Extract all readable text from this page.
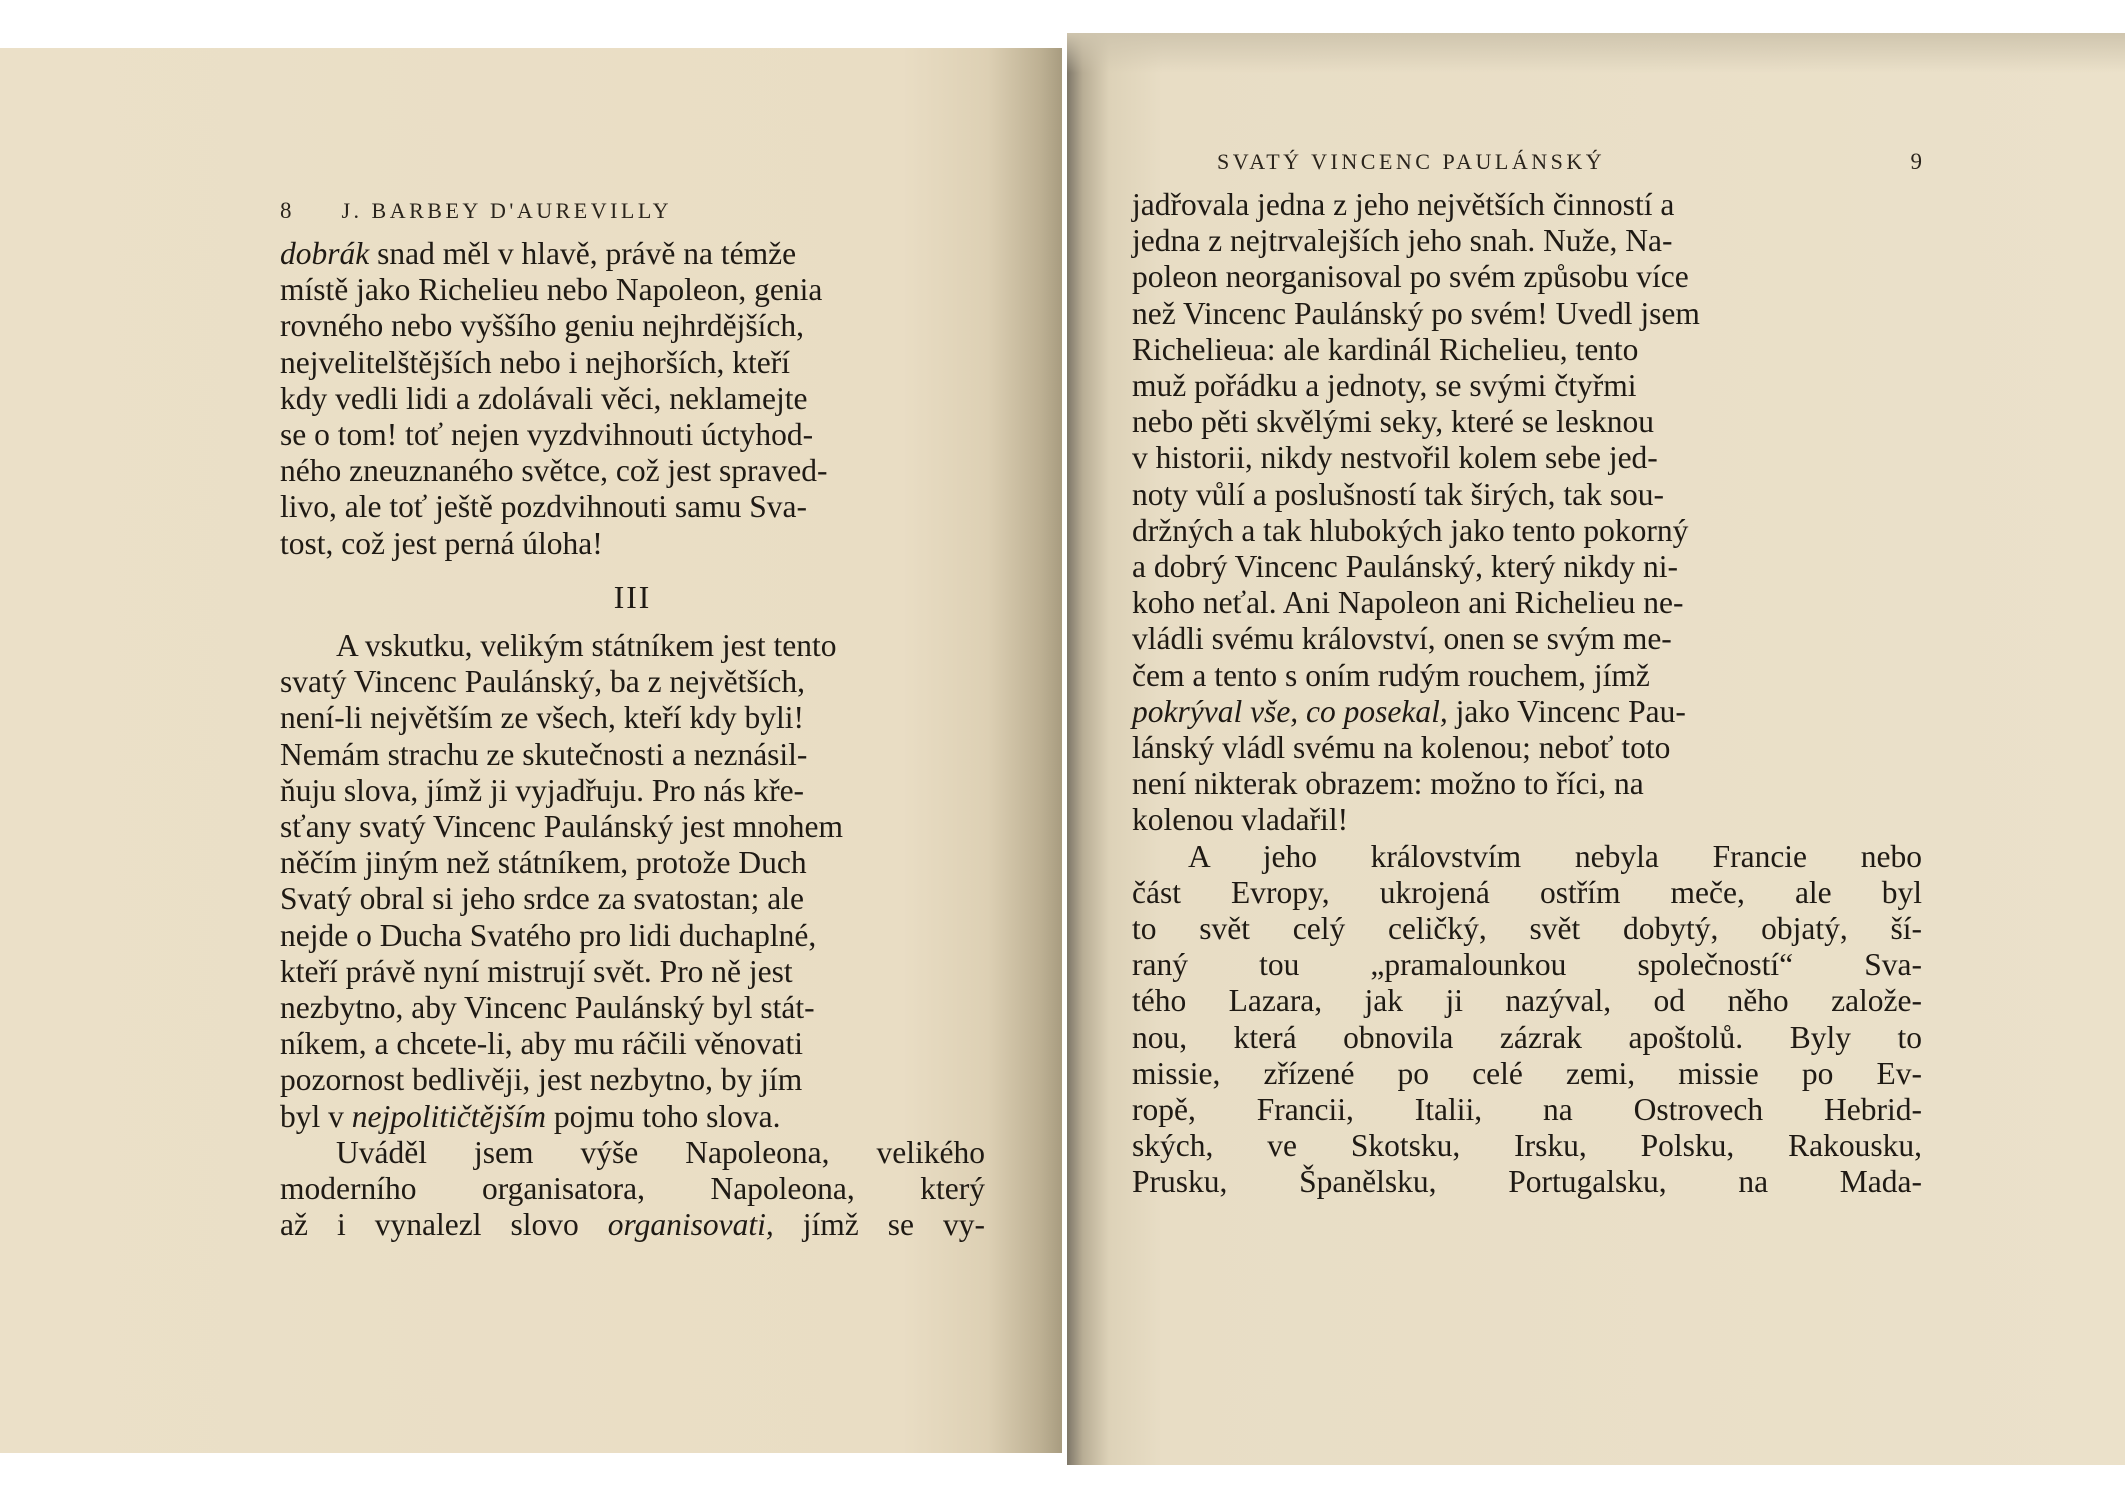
8	J. BARBEY D'AUREVILLY

dobrák snad měl v hlavě, právě na témže
místě jako Richelieu nebo Napoleon, genia
rovného nebo vyššího geniu nejhrdějších,
nejvelitelštějších nebo i nejhorších, kteří
kdy vedli lidi a zdolávali věci, neklamejte
se o tom! toť nejen vyzdvihnouti úctyhod-
ného zneuznaného světce, což jest spraved-
livo, ale toť ještě pozdvihnouti samu Sva-
tost, což jest perná úloha!

III

A vskutku, velikým státníkem jest tento
svatý Vincenc Paulánský, ba z největších,
není-li největším ze všech, kteří kdy byli!
Nemám strachu ze skutečnosti a neznásil-
ňuju slova, jímž ji vyjadřuju. Pro nás kře-
sťany svatý Vincenc Paulánský jest mnohem
něčím jiným než státníkem, protože Duch
Svatý obral si jeho srdce za svatostan; ale
nejde o Ducha Svatého pro lidi duchaplné,
kteří právě nyní mistrují svět. Pro ně jest
nezbytno, aby Vincenc Paulánský byl stát-
níkem, a chcete-li, aby mu ráčili věnovati
pozornost bedlivěji, jest nezbytno, by jím
byl v nejpolitičtějším pojmu toho slova.

Uváděl jsem výše Napoleona, velikého
moderního organisatora, Napoleona, který
až i vynalezl slovo organisovati, jímž se vy-

SVATÝ VINCENC PAULÁNSKÝ	9

jadřovala jedna z jeho největších činností a
jedna z nejtrvalejších jeho snah. Nuže, Na-
poleon neorganisoval po svém způsobu více
než Vincenc Paulánský po svém! Uvedl jsem
Richelieua: ale kardinál Richelieu, tento
muž pořádku a jednoty, se svými čtyřmi
nebo pěti skvělými seky, které se lesknou
v historii, nikdy nestvořil kolem sebe jed-
noty vůlí a poslušností tak širých, tak sou-
držných a tak hlubokých jako tento pokorný
a dobrý Vincenc Paulánský, který nikdy ni-
koho neťal. Ani Napoleon ani Richelieu ne-
vládli svému království, onen se svým me-
čem a tento s oním rudým rouchem, jímž
pokrýval vše, co posekal, jako Vincenc Pau-
lánský vládl svému na kolenou; neboť toto
není nikterak obrazem: možno to říci, na
kolenou vladařil!

A jeho královstvím nebyla Francie nebo
část Evropy, ukrojená ostřím meče, ale byl
to svět celý celičký, svět dobytý, objatý, ší-
raný tou „pramalounkou společností“ Sva-
tého Lazara, jak ji nazýval, od něho založe-
nou, která obnovila zázrak apoštolů. Byly to
missie, zřízené po celé zemi, missie po Ev-
ropě, Francii, Italii, na Ostrovech Hebrid-
ských, ve Skotsku, Irsku, Polsku, Rakousku,
Prusku, Španělsku, Portugalsku, na Mada-
